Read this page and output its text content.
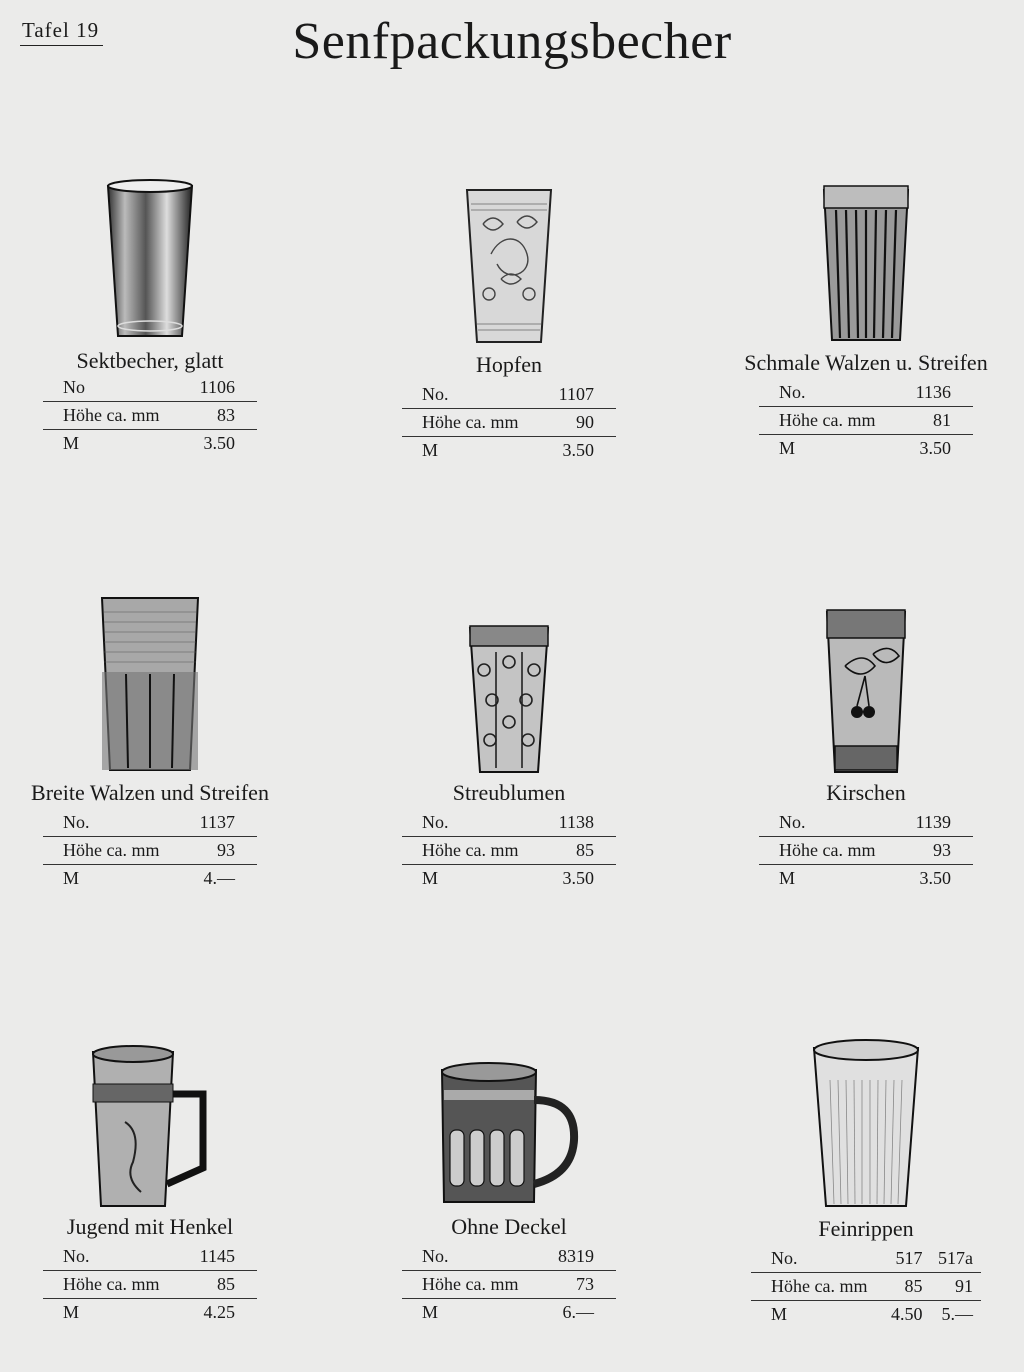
Tafel 19	Senfpackungsbecher
Sektbecher, glatt
No	1106
Höhe ca. mm	83
M	3.50
Hopfen
No.	1107
Höhe ca. mm	90
M	3.50
Schmale Walzen u. Streifen
No.	1136
Höhe ca. mm	81
M	3.50
Breite Walzen und Streifen
No.	1137
Höhe ca. mm	93
M	4.—
Streublumen
No.	1138
Höhe ca. mm	85
M	3.50
Kirschen
No.	1139
Höhe ca. mm	93
M	3.50
Jugend mit Henkel
No.	1145
Höhe ca. mm	85
M	4.25
Ohne Deckel
No.	8319
Höhe ca. mm	73
M	6.—
Feinrippen
No.	517	517a
Höhe ca. mm	85	91
M	4.50	5.—
